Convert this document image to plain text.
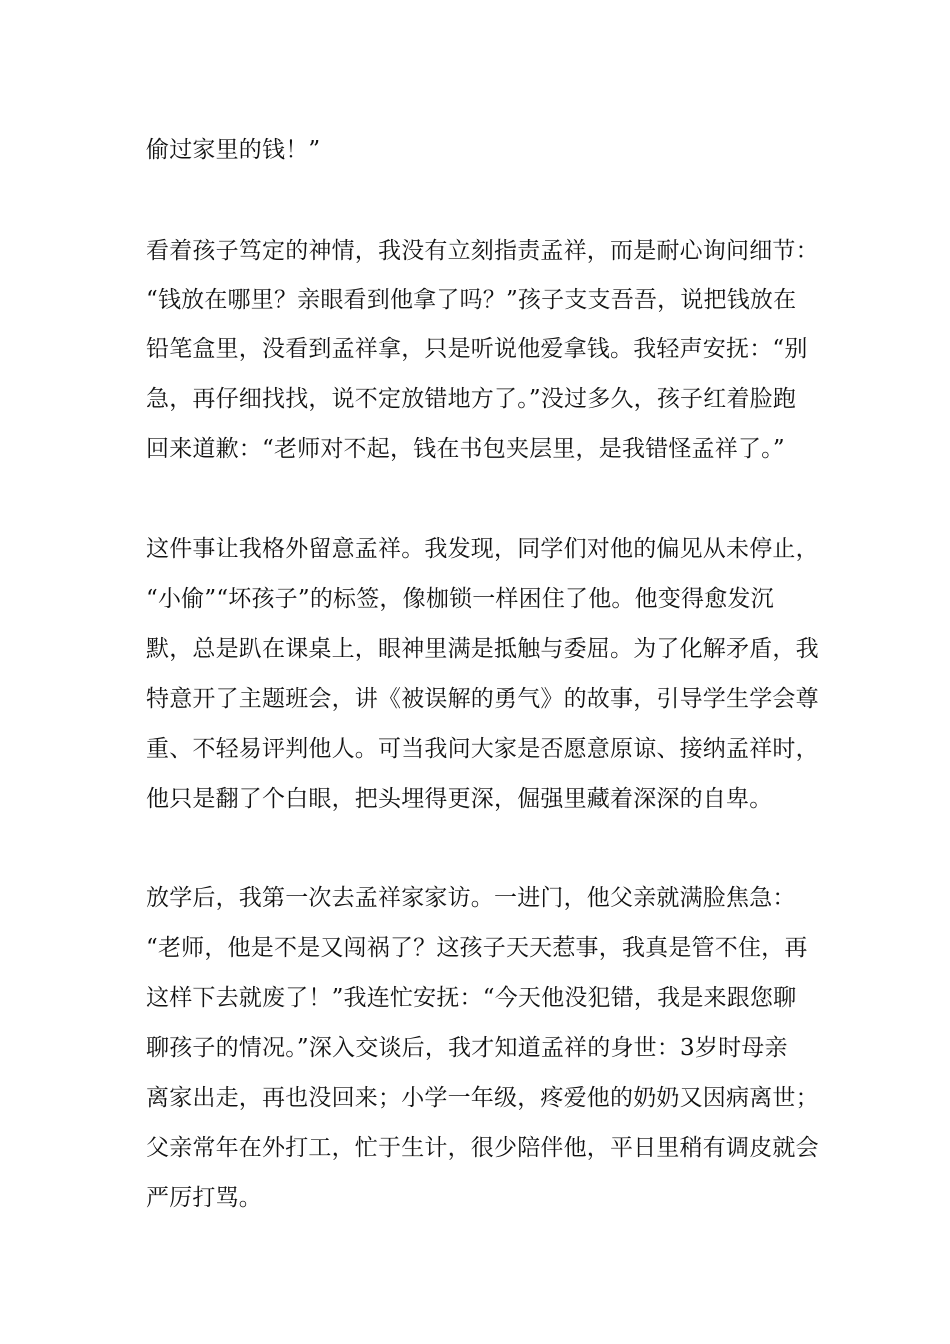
偷过家里的钱！”
看着孩子笃定的神情，我没有立刻指责孟祥，而是耐心询问细节：
“钱放在哪里？亲眼看到他拿了吗？”孩子支支吾吾，说把钱放在
铅笔盒里，没看到孟祥拿，只是听说他爱拿钱。我轻声安抚：“别
急，再仔细找找，说不定放错地方了。”没过多久，孩子红着脸跑
回来道歉：“老师对不起，钱在书包夹层里，是我错怪孟祥了。”
这件事让我格外留意孟祥。我发现，同学们对他的偏见从未停止，
“小偷”“坏孩子”的标签，像枷锁一样困住了他。他变得愈发沉
默，总是趴在课桌上，眼神里满是抵触与委屈。为了化解矛盾，我
特意开了主题班会，讲《被误解的勇气》的故事，引导学生学会尊
重、不轻易评判他人。可当我问大家是否愿意原谅、接纳孟祥时，
他只是翻了个白眼，把头埋得更深，倔强里藏着深深的自卑。
放学后，我第一次去孟祥家家访。一进门，他父亲就满脸焦急：
“老师，他是不是又闯祸了？这孩子天天惹事，我真是管不住，再
这样下去就废了！”我连忙安抚：“今天他没犯错，我是来跟您聊
聊孩子的情况。”深入交谈后，我才知道孟祥的身世：3岁时母亲
离家出走，再也没回来；小学一年级，疼爱他的奶奶又因病离世；
父亲常年在外打工，忙于生计，很少陪伴他，平日里稍有调皮就会
严厉打骂。
